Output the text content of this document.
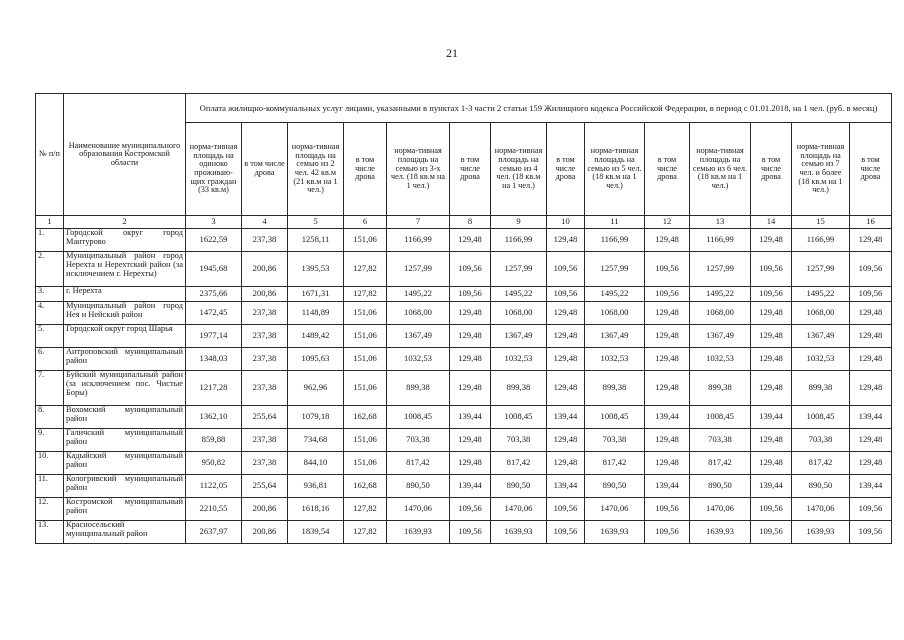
21
№ п/п	Наименование муниципального образования Костромской области	Оплата жилищно-коммунальных услуг лицами, указанными в пунктах 1-3 части 2 статьи 159 Жилищного кодекса Российской Федерации, в период с 01.01.2018, на 1 чел. (руб. в месяц)													
		норма-тивная площадь на одиноко проживаю-щих граждан (33 кв.м)	в том числе дрова	норма-тивная площадь на семью из 2 чел. 42 кв.м (21 кв.м на 1 чел.)	в том числе дрова	норма-тивная площадь на семью из 3-х чел. (18 кв.м на 1 чел.)	в том числе дрова	норма-тивная площадь на семью из 4 чел. (18 кв.м на 1 чел.)	в том числе дрова	норма-тивная площадь на семью из 5 чел. (18 кв.м на 1 чел.)	в том числе дрова	норма-тивная площадь на семью из 6 чел. (18 кв.м на 1 чел.)	в том числе дрова	норма-тивная площадь на семью из 7 чел. и более (18 кв.м на 1 чел.)	в том числе дрова
1	2	3	4	5	6	7	8	9	10	11	12	13	14	15	16
1.	Городской округ город Мантурово	1622,59	237,38	1258,11	151,06	1166,99	129,48	1166,99	129,48	1166,99	129,48	1166,99	129,48	1166,99	129,48
2.	Муниципальный район город Нерехта и Нерехтский район (за исключением г. Нерехты)	1945,68	200,86	1395,53	127,82	1257,99	109,56	1257,99	109,56	1257,99	109,56	1257,99	109,56	1257,99	109,56
3.	г. Нерехта	2375,66	200,86	1671,31	127,82	1495,22	109,56	1495,22	109,56	1495,22	109,56	1495,22	109,56	1495,22	109,56
4.	Муниципальный район город Нея и Нейский район	1472,45	237,38	1148,89	151,06	1068,00	129,48	1068,00	129,48	1068,00	129,48	1068,00	129,48	1068,00	129,48
5.	Городской округ город Шарья	1977,14	237,38	1489,42	151,06	1367,49	129,48	1367,49	129,48	1367,49	129,48	1367,49	129,48	1367,49	129,48
6.	Антроповский муниципальный район	1348,03	237,38	1095,63	151,06	1032,53	129,48	1032,53	129,48	1032,53	129,48	1032,53	129,48	1032,53	129,48
7.	Буйский муниципальный район (за исключением пос. Чистые Боры)	1217,28	237,38	962,96	151,06	899,38	129,48	899,38	129,48	899,38	129,48	899,38	129,48	899,38	129,48
8.	Вохомский муниципальный район	1362,10	255,64	1079,18	162,68	1008,45	139,44	1008,45	139,44	1008,45	139,44	1008,45	139,44	1008,45	139,44
9.	Галичский муниципальный район	859,88	237,38	734,68	151,06	703,38	129,48	703,38	129,48	703,38	129,48	703,38	129,48	703,38	129,48
10.	Кадыйский муниципальный район	950,82	237,38	844,10	151,06	817,42	129,48	817,42	129,48	817,42	129,48	817,42	129,48	817,42	129,48
11.	Кологривский муниципальный район	1122,05	255,64	936,81	162,68	890,50	139,44	890,50	139,44	890,50	139,44	890,50	139,44	890,50	139,44
12.	Костромской муниципальный район	2210,55	200,86	1618,16	127,82	1470,06	109,56	1470,06	109,56	1470,06	109,56	1470,06	109,56	1470,06	109,56
13.	Красносельский муниципальный район	2637,97	200,86	1839,54	127,82	1639,93	109,56	1639,93	109,56	1639,93	109,56	1639,93	109,56	1639,93	109,56
